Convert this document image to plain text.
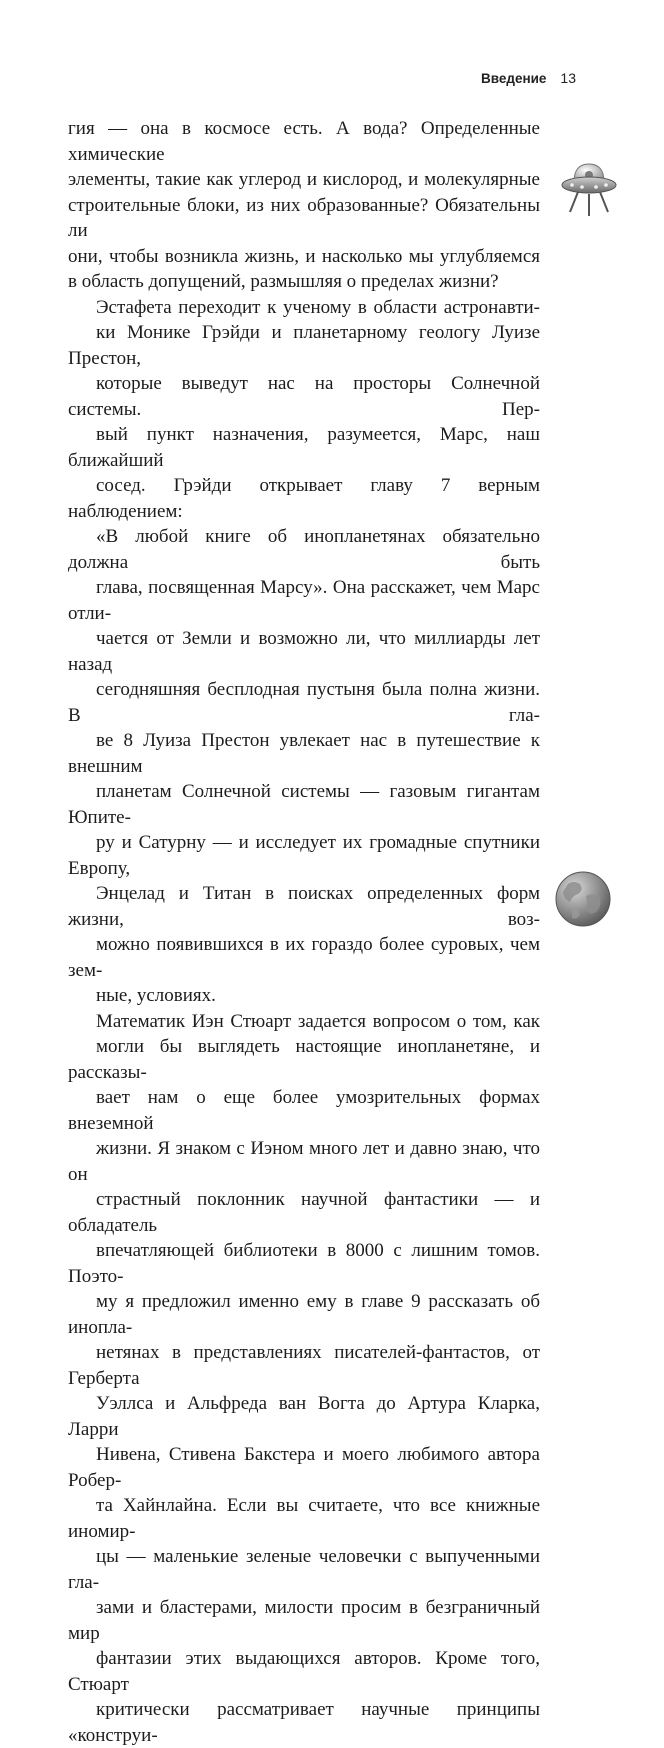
Введение 13

гия — она в космосе есть. А вода? Определенные химические
элементы, такие как углерод и кислород, и молекулярные
строительные блоки, из них образованные? Обязательны ли
они, чтобы возникла жизнь, и насколько мы углубляемся
в область допущений, размышляя о пределах жизни?

Эстафета переходит к ученому в области астронавти-
ки Монике Грэйди и планетарному геологу Луизе Престон,
которые выведут нас на просторы Солнечной системы. Пер-
вый пункт назначения, разумеется, Марс, наш ближайший
сосед. Грэйди открывает главу 7 верным наблюдением:
«В любой книге об инопланетянах обязательно должна быть
глава, посвященная Марсу». Она расскажет, чем Марс отли-
чается от Земли и возможно ли, что миллиарды лет назад
сегодняшняя бесплодная пустыня была полна жизни. В гла-
ве 8 Луиза Престон увлекает нас в путешествие к внешним
планетам Солнечной системы — газовым гигантам Юпите-
ру и Сатурну — и исследует их громадные спутники Европу,
Энцелад и Титан в поисках определенных форм жизни, воз-
можно появившихся в их гораздо более суровых, чем зем-
ные, условиях.

Математик Иэн Стюарт задается вопросом о том, как
могли бы выглядеть настоящие инопланетяне, и рассказы-
вает нам о еще более умозрительных формах внеземной
жизни. Я знаком с Иэном много лет и давно знаю, что он
страстный поклонник научной фантастики — и обладатель
впечатляющей библиотеки в 8000 с лишним томов. Поэто-
му я предложил именно ему в главе 9 рассказать об инопла-
нетянах в представлениях писателей-фантастов, от Герберта
Уэллса и Альфреда ван Вогта до Артура Кларка, Ларри
Нивена, Стивена Бакстера и моего любимого автора Робер-
та Хайнлайна. Если вы считаете, что все книжные иномир-
цы — маленькие зеленые человечки с выпученными гла-
зами и бластерами, милости просим в безграничный мир
фантазии этих выдающихся авторов. Кроме того, Стюарт
критически рассматривает научные принципы «конструи-
